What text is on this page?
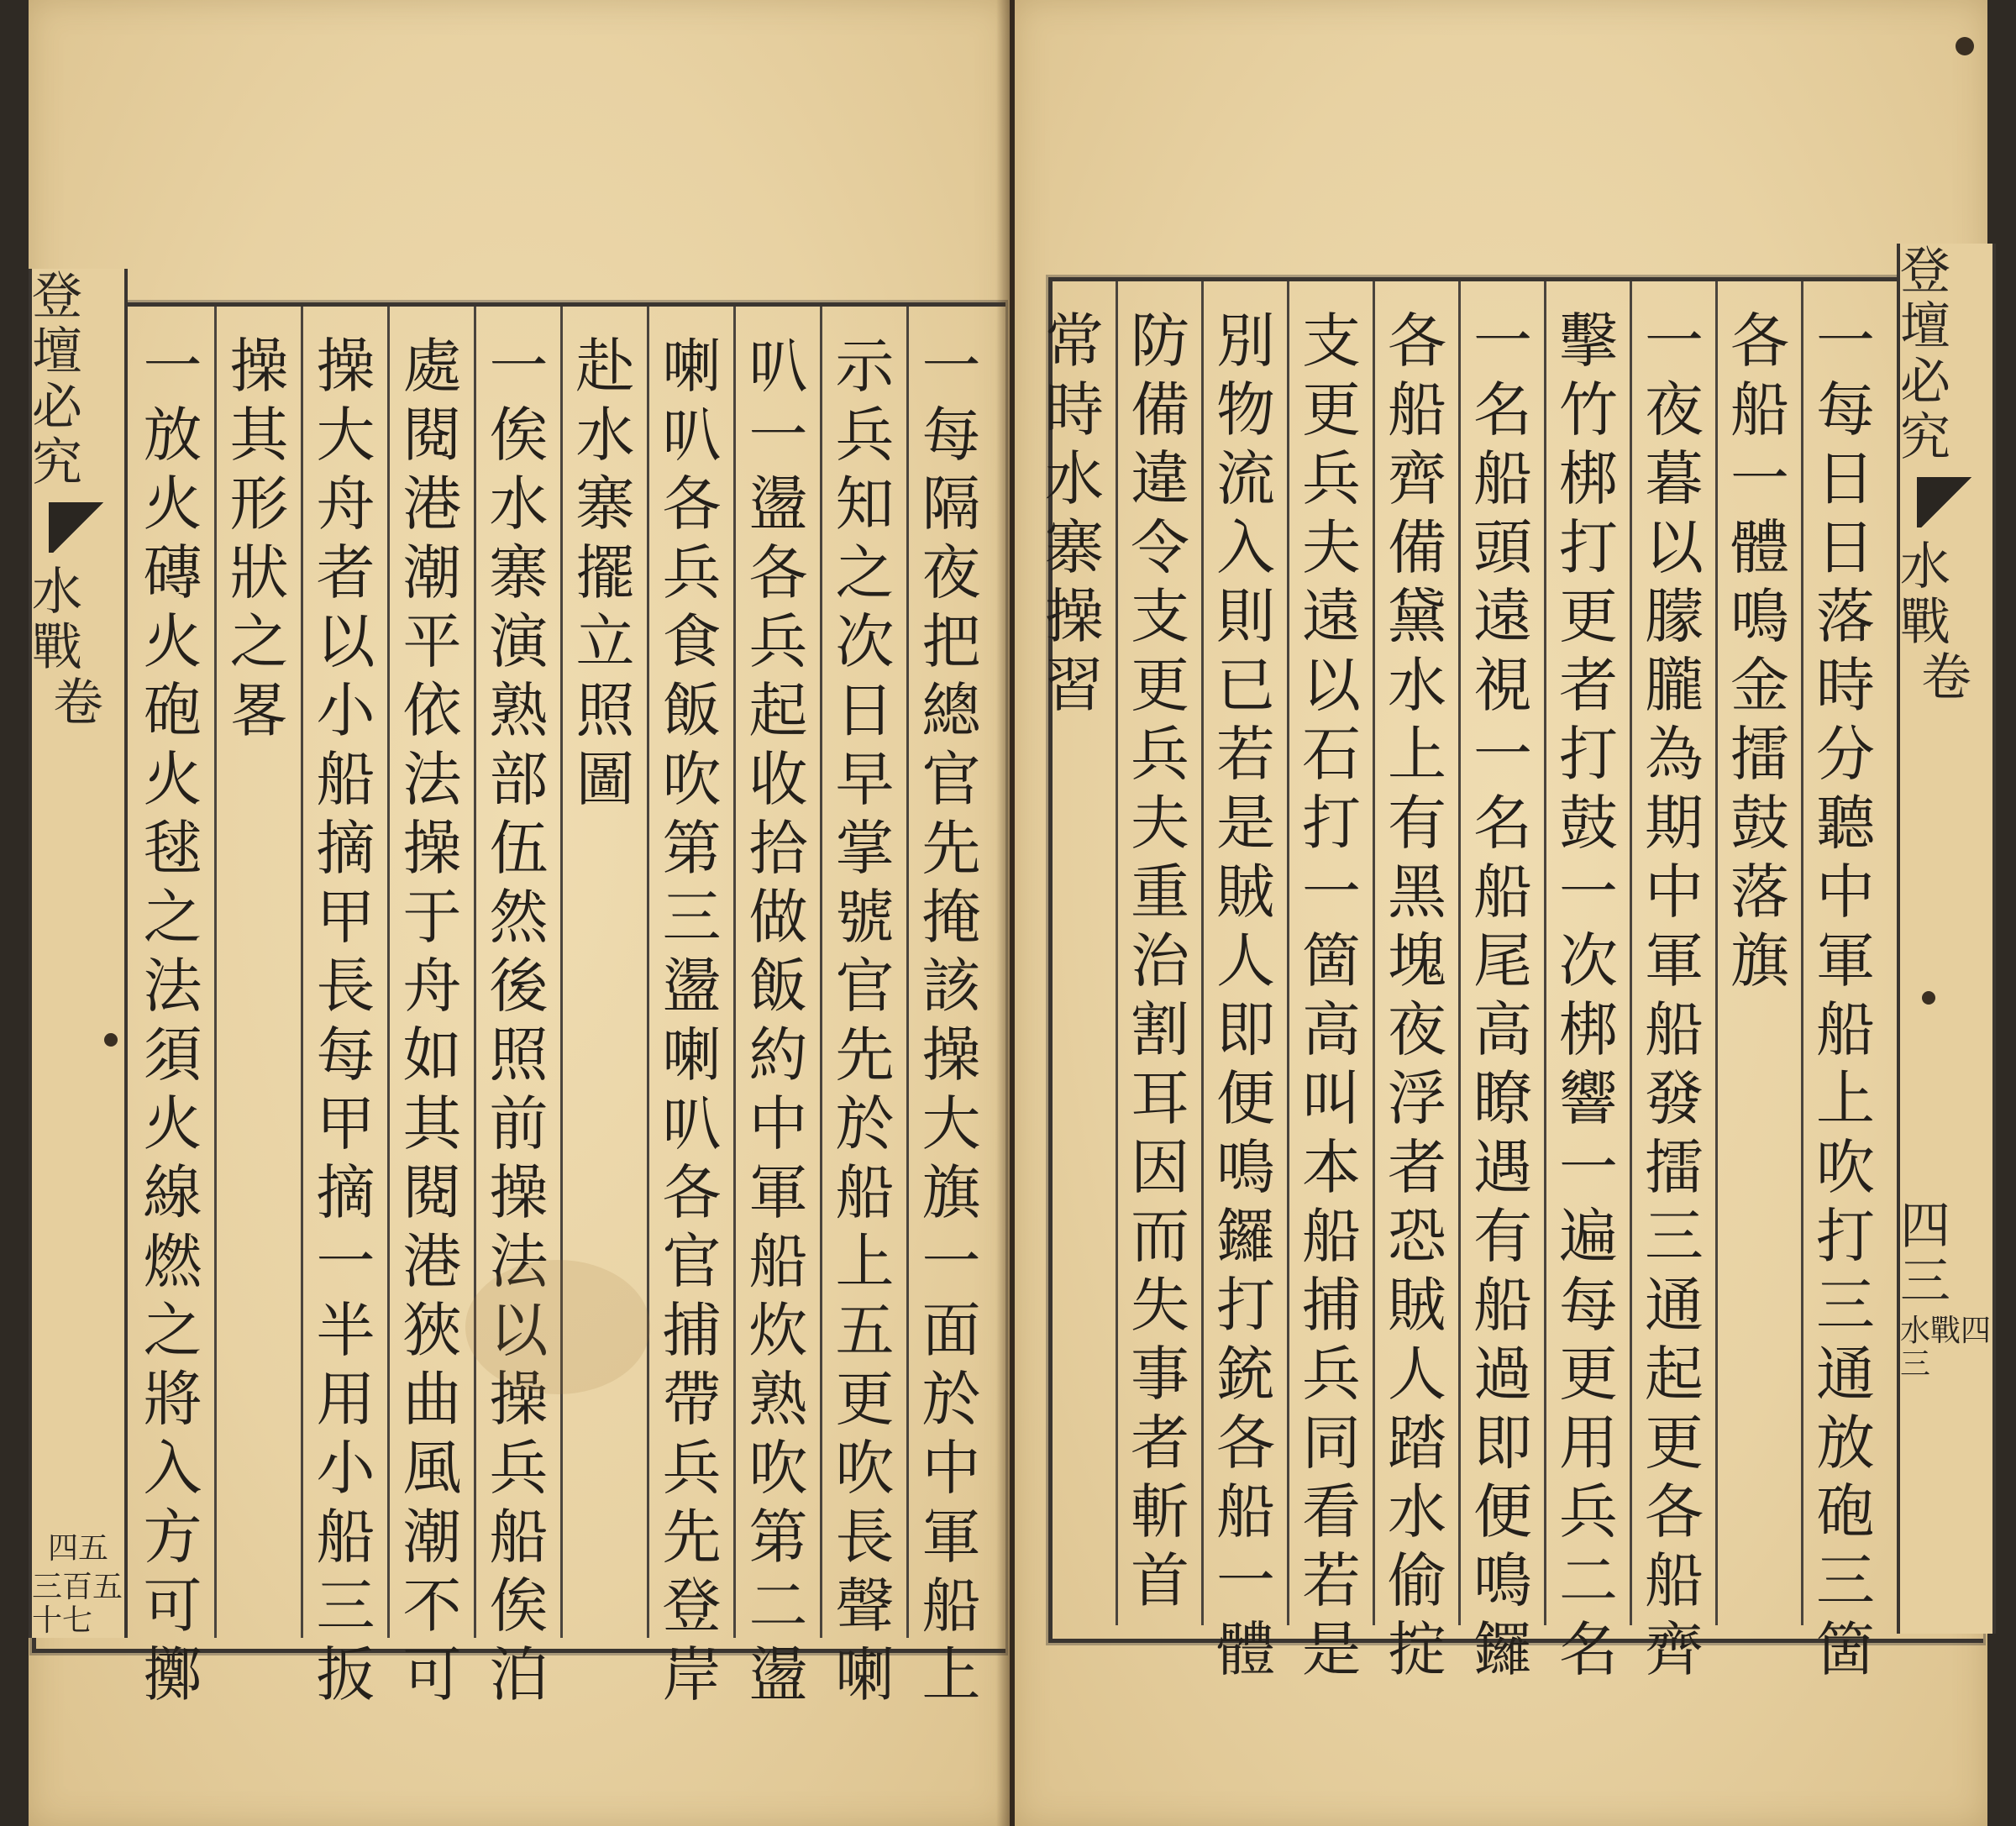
登壇必究
水戰
卷
四五
三百五十七
一
每
隔
夜
把
總
官
先
掩
該
操
大
旗
一
面
於
中
軍
船
上
示
兵
知
之
次
日
早
掌
號
官
先
於
船
上
五
更
吹
長
聲
喇
叭
一
盪
各
兵
起
收
拾
做
飯
約
中
軍
船
炊
熟
吹
第
二
盪
喇
叭
各
兵
食
飯
吹
第
三
盪
喇
叭
各
官
捕
帶
兵
先
登
岸
赴
水
寨
擺
立
照
圖
一
俟
水
寨
演
熟
部
伍
然
後
照
前
操
法
以
操
兵
船
俟
泊
處
閱
港
潮
平
依
法
操
于
舟
如
其
閱
港
狹
曲
風
潮
不
可
操
大
舟
者
以
小
船
摘
甲
長
每
甲
摘
一
半
用
小
船
三
扳
操
其
形
狀
之
畧
一
放
火
磚
火
砲
火
毬
之
法
須
火
線
燃
之
將
入
方
可
擲
登壇必究
水戰
卷
四三
水戰四三
一
每
日
日
落
時
分
聽
中
軍
船
上
吹
打
三
通
放
砲
三
箇
各
船
一
體
鳴
金
擂
鼓
落
旗
一
夜
暮
以
朦
朧
為
期
中
軍
船
發
擂
三
通
起
更
各
船
齊
擊
竹
梆
打
更
者
打
鼓
一
次
梆
響
一
遍
每
更
用
兵
二
名
一
名
船
頭
遠
視
一
名
船
尾
高
瞭
遇
有
船
過
即
便
鳴
鑼
各
船
齊
備
黛
水
上
有
黑
塊
夜
浮
者
恐
賊
人
踏
水
偷
掟
支
更
兵
夫
遠
以
石
打
一
箇
高
叫
本
船
捕
兵
同
看
若
是
別
物
流
入
則
已
若
是
賊
人
即
便
鳴
鑼
打
銃
各
船
一
體
防
備
違
令
支
更
兵
夫
重
治
割
耳
因
而
失
事
者
斬
首
常
時
水
寨
操
習
